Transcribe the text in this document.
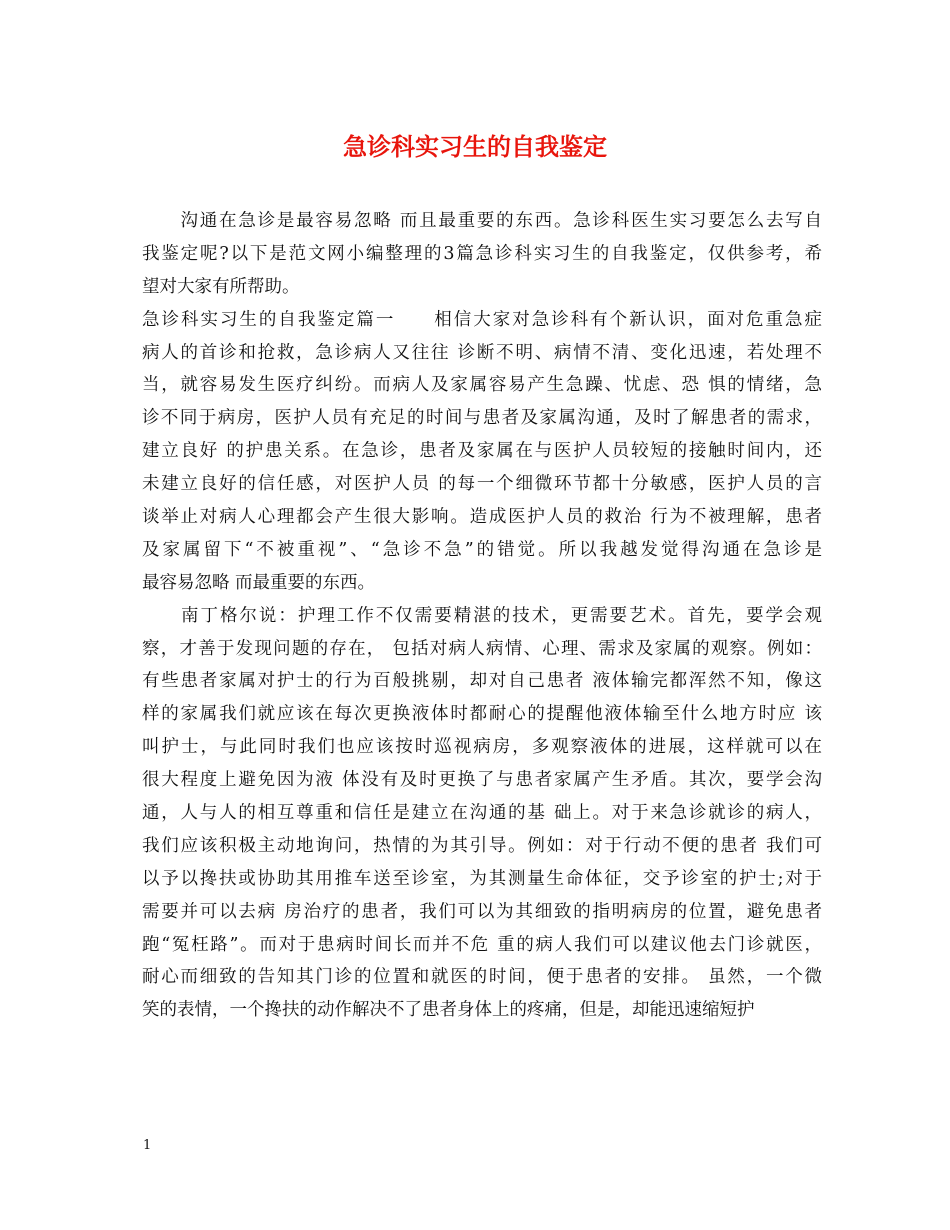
急诊科实习生的自我鉴定
　　沟通在急诊是最容易忽略 而且最重要的东西。急诊科医生实习要怎么去写自
我鉴定呢?以下是范文网小编整理的3篇急诊科实习生的自我鉴定，仅供参考，希
望对大家有所帮助。
急诊科实习生的自我鉴定篇一　　相信大家对急诊科有个新认识，面对危重急症
病人的首诊和抢救，急诊病人又往往 诊断不明、病情不清、变化迅速，若处理不
当，就容易发生医疗纠纷。而病人及家属容易产生急躁、忧虑、恐 惧的情绪，急
诊不同于病房，医护人员有充足的时间与患者及家属沟通，及时了解患者的需求，
建立良好 的护患关系。在急诊，患者及家属在与医护人员较短的接触时间内，还
未建立良好的信任感，对医护人员 的每一个细微环节都十分敏感，医护人员的言
谈举止对病人心理都会产生很大影响。造成医护人员的救治 行为不被理解，患者
及家属留下“不被重视”、“急诊不急”的错觉。所以我越发觉得沟通在急诊是
最容易忽略 而最重要的东西。
　　南丁格尔说：护理工作不仅需要精湛的技术，更需要艺术。首先，要学会观
察，才善于发现问题的存在， 包括对病人病情、心理、需求及家属的观察。例如：
有些患者家属对护士的行为百般挑剔，却对自己患者 液体输完都浑然不知，像这
样的家属我们就应该在每次更换液体时都耐心的提醒他液体输至什么地方时应 该
叫护士，与此同时我们也应该按时巡视病房，多观察液体的进展，这样就可以在
很大程度上避免因为液 体没有及时更换了与患者家属产生矛盾。其次，要学会沟
通，人与人的相互尊重和信任是建立在沟通的基 础上。对于来急诊就诊的病人，
我们应该积极主动地询问，热情的为其引导。例如：对于行动不便的患者 我们可
以予以搀扶或协助其用推车送至诊室，为其测量生命体征，交予诊室的护士;对于
需要并可以去病 房治疗的患者，我们可以为其细致的指明病房的位置，避免患者
跑“冤枉路”。而对于患病时间长而并不危 重的病人我们可以建议他去门诊就医，
耐心而细致的告知其门诊的位置和就医的时间，便于患者的安排。 虽然，一个微
笑的表情，一个搀扶的动作解决不了患者身体上的疼痛，但是，却能迅速缩短护
1
